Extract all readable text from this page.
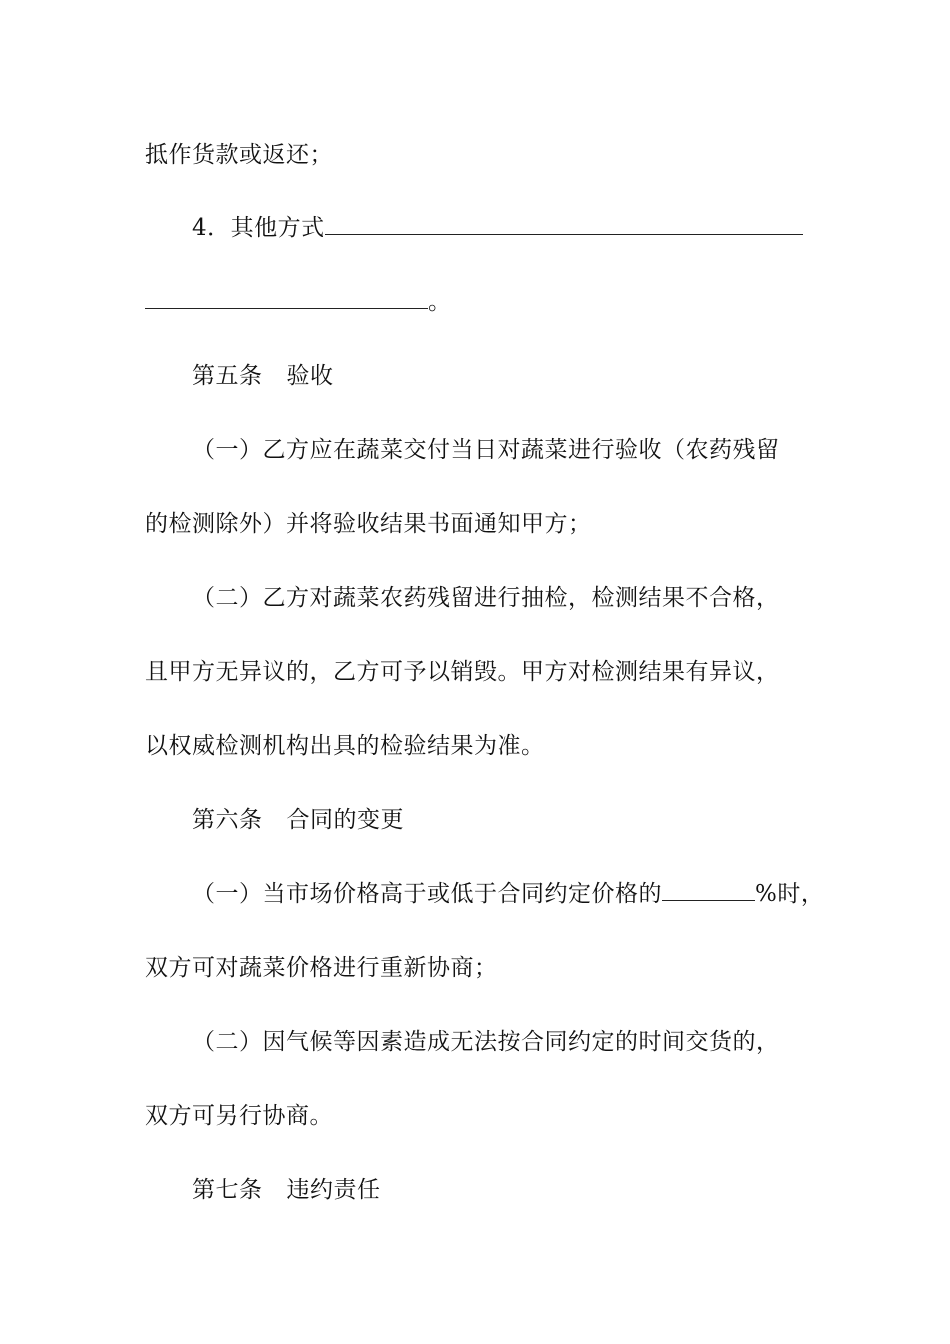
抵作货款或返还；
4．其他方式
。
第五条 验收
（一）乙方应在蔬菜交付当日对蔬菜进行验收（农药残留
的检测除外）并将验收结果书面通知甲方；
（二）乙方对蔬菜农药残留进行抽检，检测结果不合格，
且甲方无异议的，乙方可予以销毁。甲方对检测结果有异议，
以权威检测机构出具的检验结果为准。
第六条 合同的变更
（一）当市场价格高于或低于合同约定价格的	%时，
双方可对蔬菜价格进行重新协商；
（二）因气候等因素造成无法按合同约定的时间交货的，
双方可另行协商。
第七条 违约责任
